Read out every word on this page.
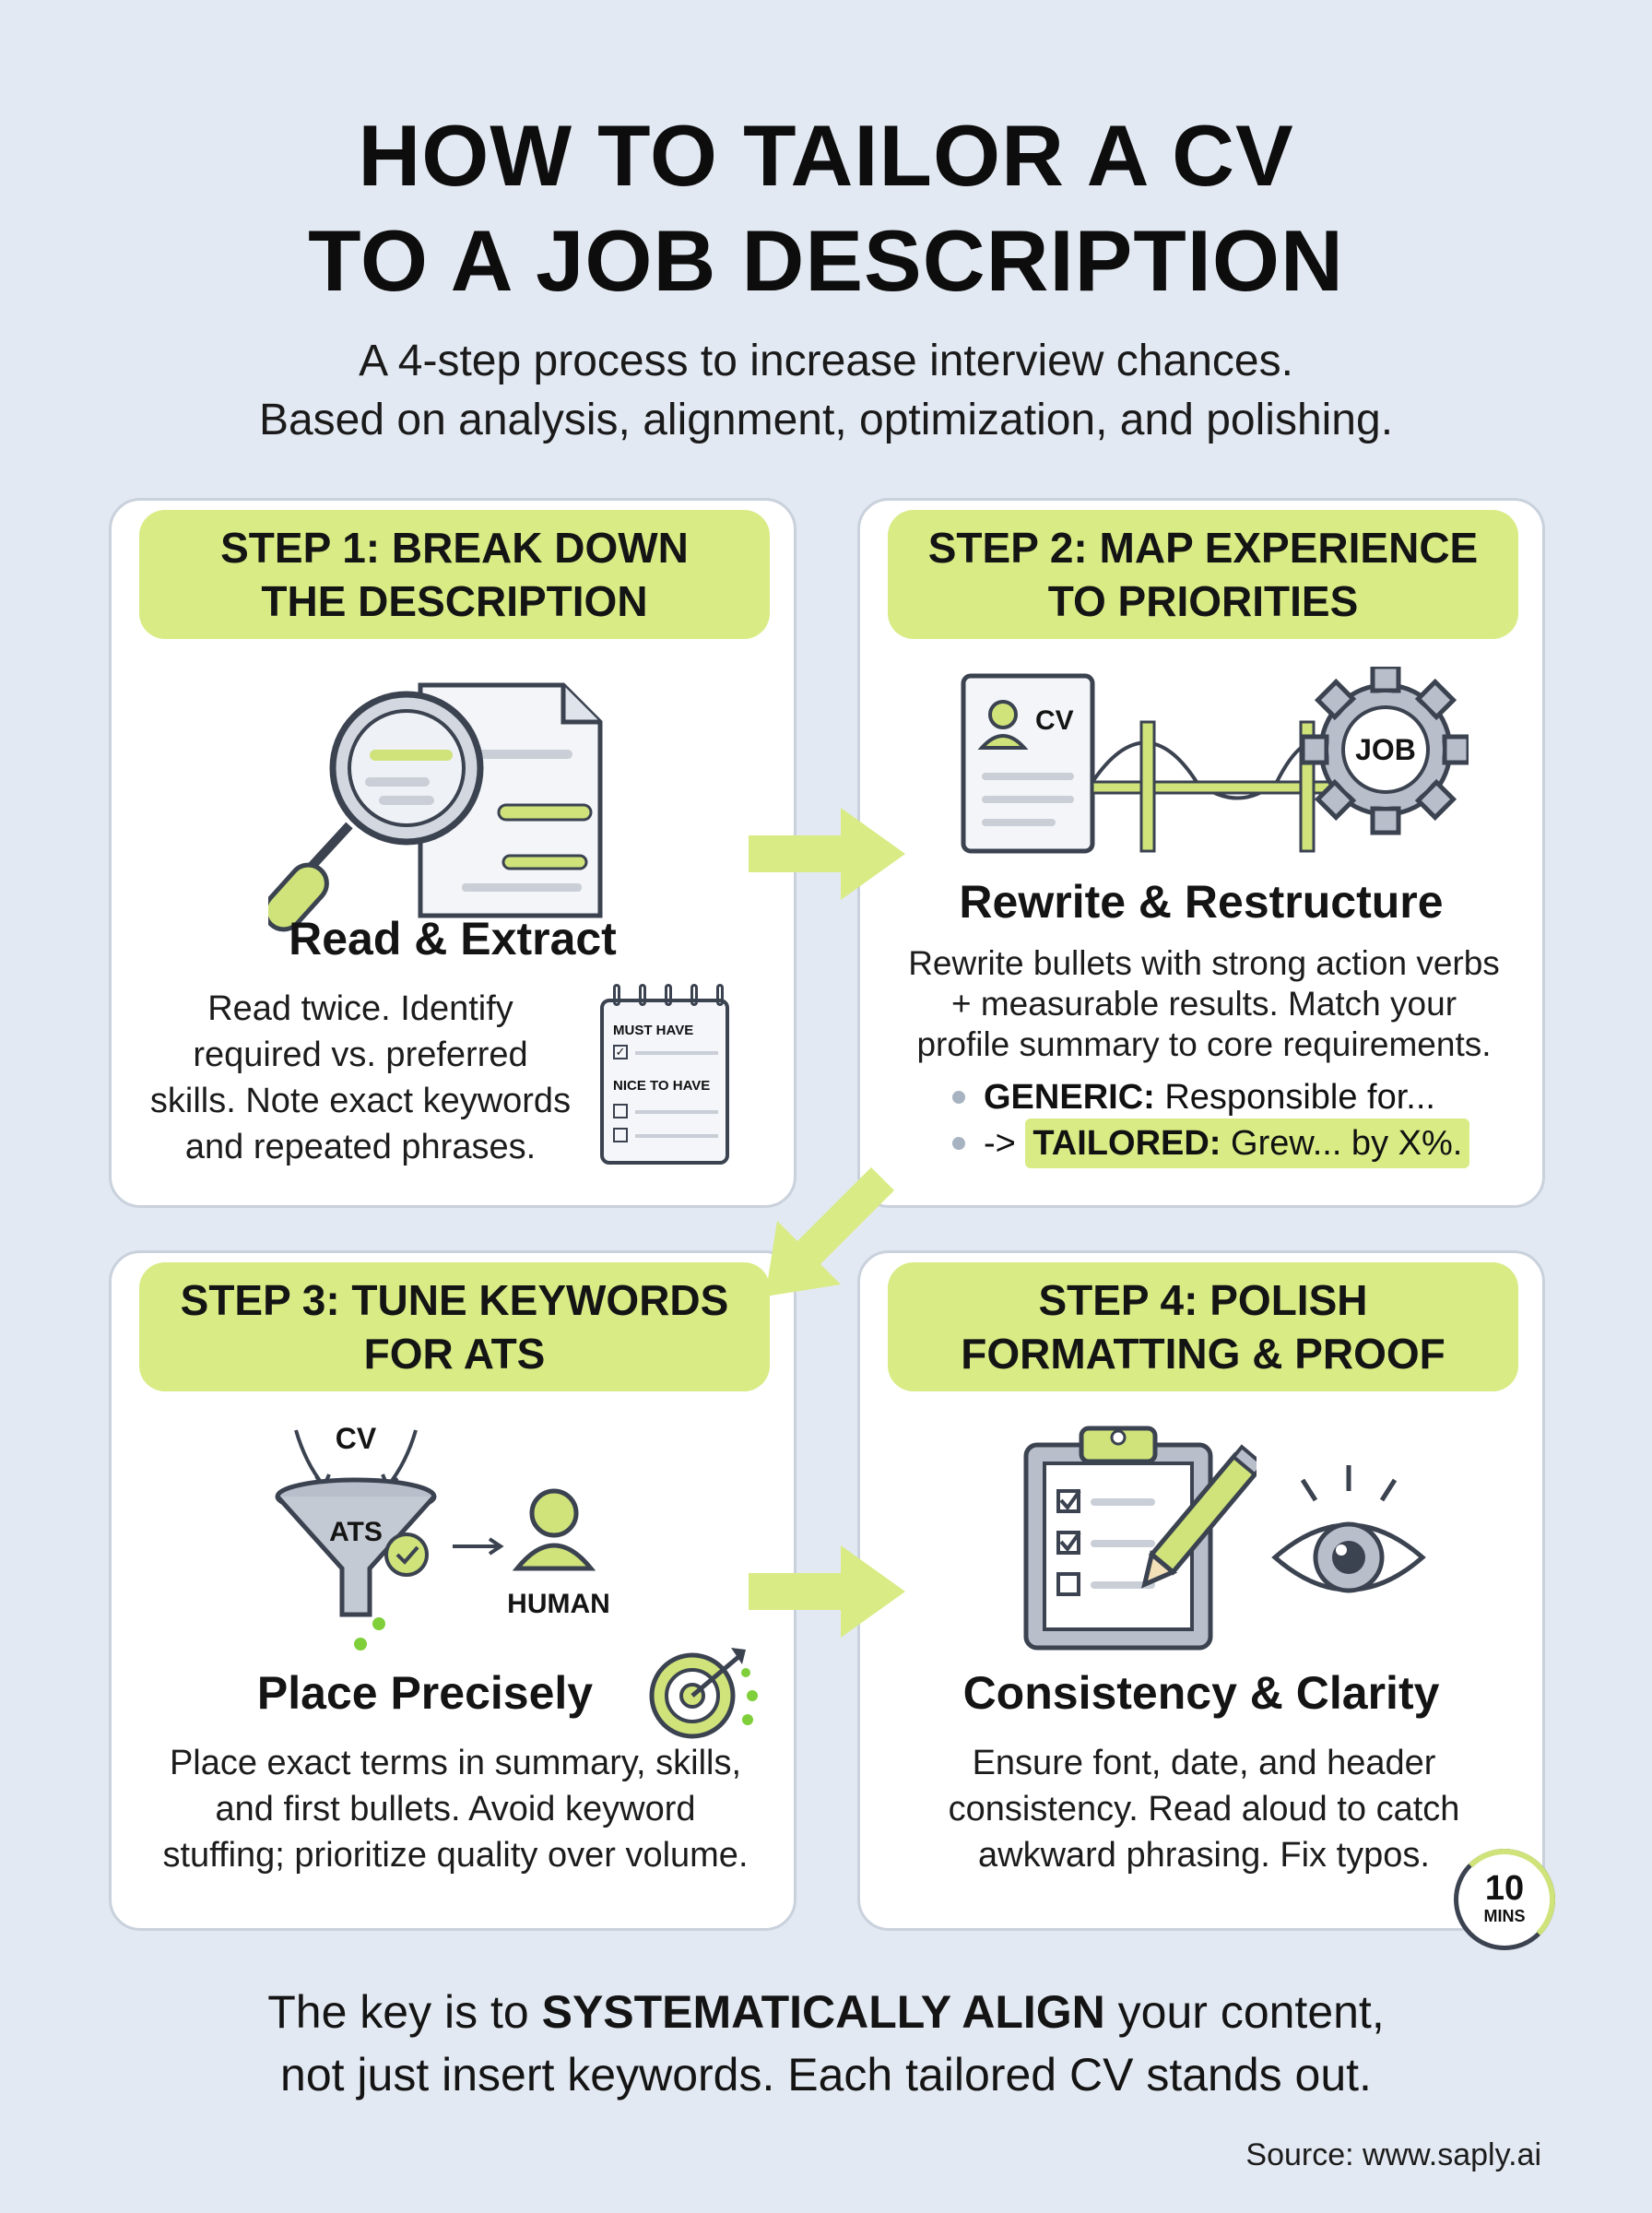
HOW TO TAILOR A CV
TO A JOB DESCRIPTION
A 4-step process to increase interview chances.
Based on analysis, alignment, optimization, and polishing.
STEP 1: BREAK DOWN
THE DESCRIPTION
Read & Extract
Read twice. Identify
required vs. preferred
skills. Note exact keywords
and repeated phrases.
MUST HAVE
✓
NICE TO HAVE
STEP 2: MAP EXPERIENCE
TO PRIORITIES
CV
JOB
Rewrite & Restructure
Rewrite bullets with strong action verbs
+ measurable results. Match your
profile summary to core requirements.
GENERIC: Responsible for...
-> TAILORED: Grew... by X%.
STEP 3: TUNE KEYWORDS
FOR ATS
CV
ATS
HUMAN
Place Precisely
Place exact terms in summary, skills,
and first bullets. Avoid keyword
stuffing; prioritize quality over volume.
STEP 4: POLISH
FORMATTING & PROOF
Consistency & Clarity
Ensure font, date, and header
consistency. Read aloud to catch
awkward phrasing. Fix typos.
10
MINS
The key is to SYSTEMATICALLY ALIGN your content,
not just insert keywords. Each tailored CV stands out.
Source: www.saply.ai
